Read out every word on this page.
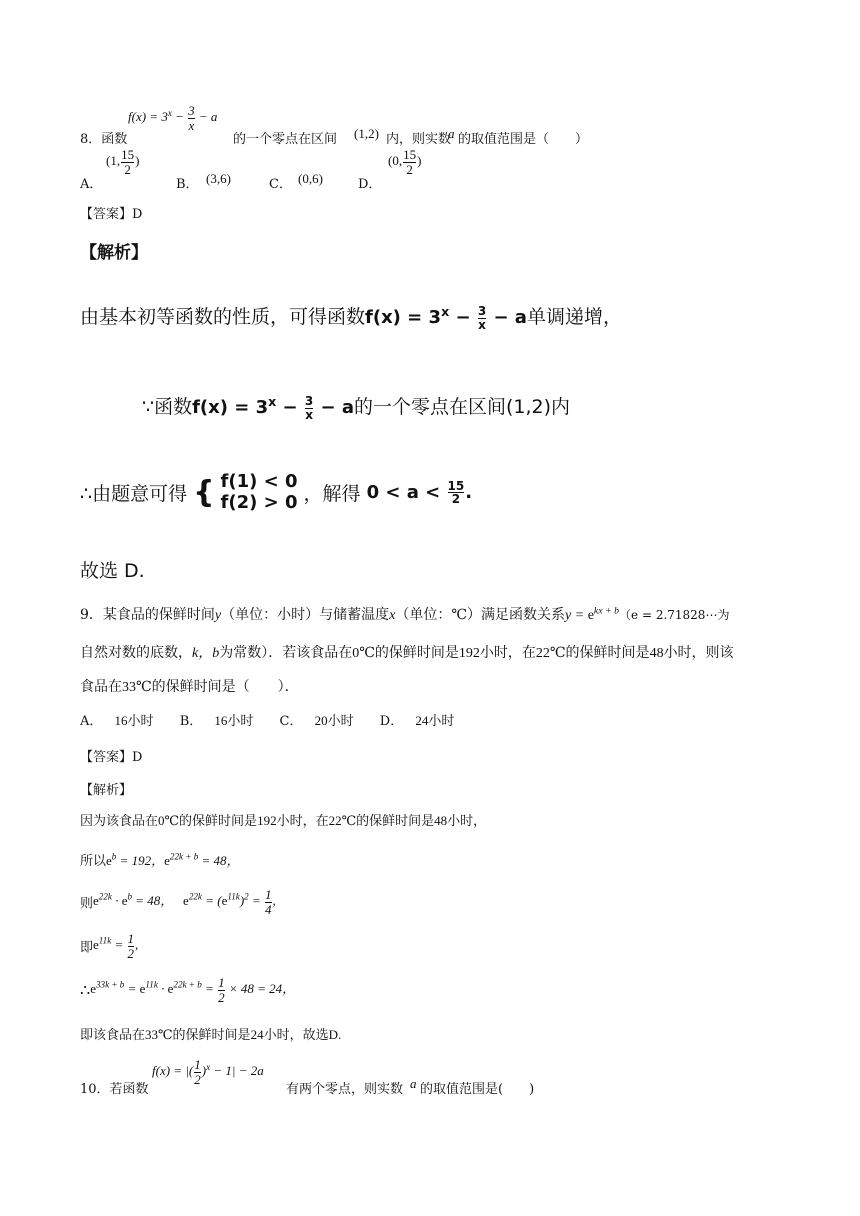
8．函数
$f(x) = 3^x - \frac{3}{x} - a$
的一个零点在区间 (1,2) 内，则实数
a 的取值范围是（　　）
A．
(1, $\frac{15}{2}$ )
B． (3,6)	C． (0,6)	D．
(0, $\frac{15}{2}$ )
【答案】D
【解析】
由基本初等函数的性质，可得函数$f(x) = 3^x - \frac{3}{x} - a$单调递增，
∵函数$f(x) = 3^x - \frac{3}{x} - a$的一个零点在区间(1,2)内
∴由题意可得 { f(1) < 0
f(2) > 0 ，解得 $0 < a < \frac{15}{2}$ .
故选 D.
9．某食品的保鲜时间y（单位：小时）与储蓄温度x（单位：℃）满足函数关系$y = e^{kx + b}(e$ = 2.71828⋯为
自然对数的底数，k，b为常数）．若该食品在0℃的保鲜时间是192小时，在22℃的保鲜时间是48小时，则该
食品在33℃的保鲜时间是（　　）．
A． 16小时 B． 16小时 C． 20小时 D． 24小时
【答案】D
【解析】
因为该食品在0℃的保鲜时间是192小时，在22℃的保鲜时间是48小时，
所以$e^b = 192$，$e^{22k + b} = 48$，
则$e^{22k} \cdot e^b = 48$，   $e^{22k} = (e^{11k})^2 = \frac{1}{4}$ ,
即$e^{11k} = \frac{1}{2}$ ,
$\therefore e^{33k + b} = e^{11k} \cdot e^{22k + b} = \frac{1}{2} \times 48 = 24$，
即该食品在33℃的保鲜时间是24小时，故选D.
10．若函数
f(x) = |( $\frac{1}{2} )^x - 1| - 2a$
有两个零点，则实数 a 的取值范围是(　　)
